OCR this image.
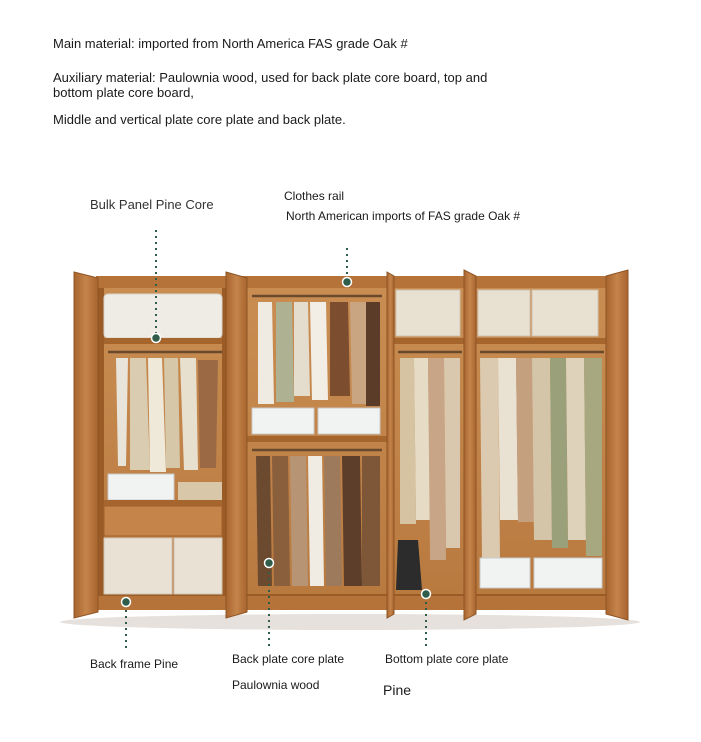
Main material: imported from North America FAS grade Oak #
Auxiliary material: Paulownia wood, used for back plate core board, top and
bottom plate core board,
Middle and vertical plate core plate and back plate.
Bulk Panel Pine Core
Clothes rail
North American imports of FAS grade Oak #
Back frame Pine	Back plate core plate
Paulownia wood
Bottom plate core plate
Pine
